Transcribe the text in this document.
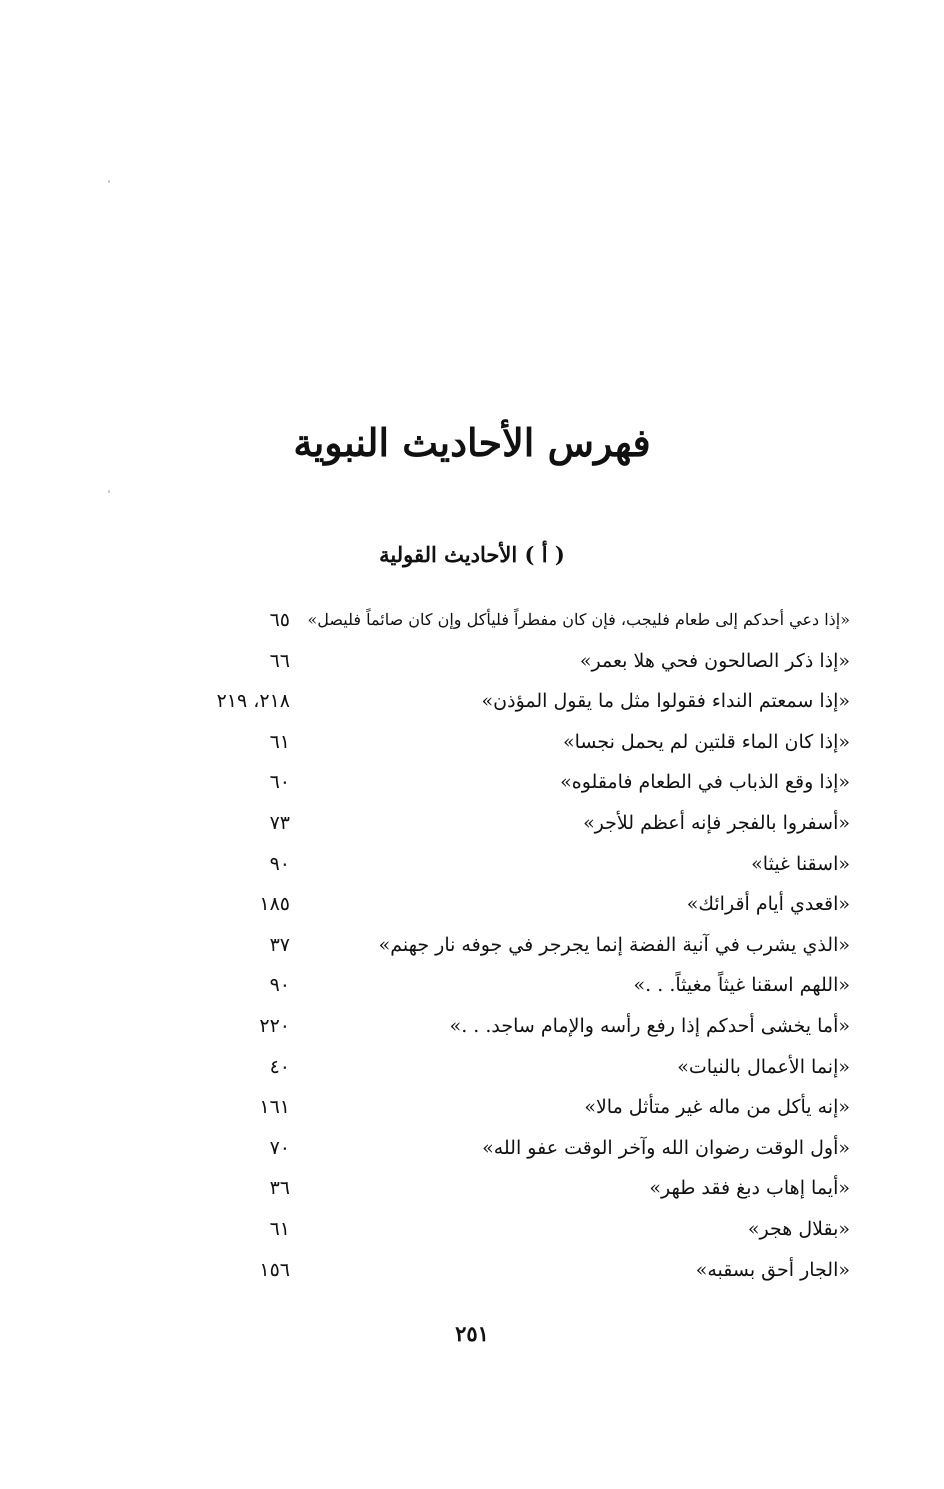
فهرس الأحاديث النبوية
( أ ) الأحاديث القولية
«إذا دعي أحدكم إلى طعام فليجب، فإن كان مفطراً فليأكل وإن كان صائماً فليصل»
٦٥
«إذا ذكر الصالحون فحي هلا بعمر»
٦٦
«إذا سمعتم النداء فقولوا مثل ما يقول المؤذن»
٢١٨، ٢١٩
«إذا كان الماء قلتين لم يحمل نجسا»
٦١
«إذا وقع الذباب في الطعام فامقلوه»
٦٠
«أسفروا بالفجر فإنه أعظم للأجر»
٧٣
«اسقنا غيثا»
٩٠
«اقعدي أيام أقرائك»
١٨٥
«الذي يشرب في آنية الفضة إنما يجرجر في جوفه نار جهنم»
٣٧
«اللهم اسقنا غيثاً مغيثاً. . .»
٩٠
«أما يخشى أحدكم إذا رفع رأسه والإمام ساجد. . .»
٢٢٠
«إنما الأعمال بالنيات»
٤٠
«إنه يأكل من ماله غير متأثل مالا»
١٦١
«أول الوقت رضوان الله وآخر الوقت عفو الله»
٧٠
«أيما إهاب دبغ فقد طهر»
٣٦
«بقلال هجر»
٦١
«الجار أحق بسقبه»
١٥٦
٢٥١
